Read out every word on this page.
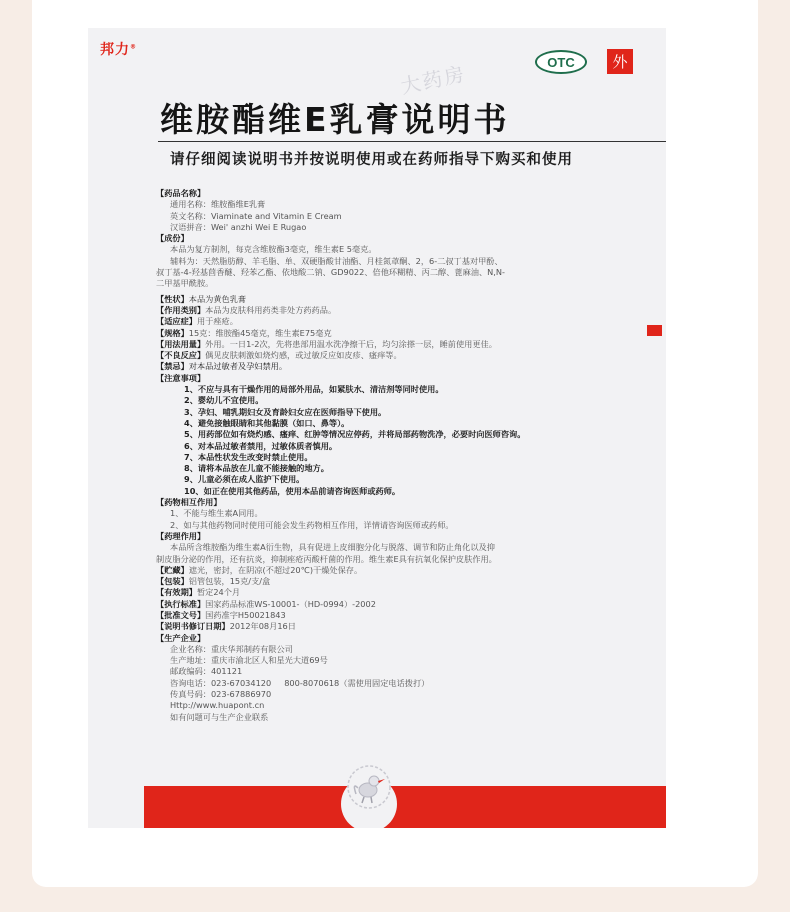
邦力®
OTC	外
大药房
维胺酯维E乳膏说明书
请仔细阅读说明书并按说明使用或在药师指导下购买和使用
【药品名称】
通用名称：维胺酯维E乳膏
英文名称：Viaminate and Vitamin E Cream
汉语拼音：Wei' anzhi Wei E Rugao
【成份】
本品为复方制剂，每克含维胺酯3毫克，维生素E 5毫克。
辅料为：天然脂肪醇、羊毛脂、单、双硬脂酸甘油酯、月桂氮䓬酮、2，6-二叔丁基对甲酚、
叔丁基-4-羟基茴香醚、羟苯乙酯、依地酸二钠、GD9022、倍他环糊精、丙二醇、蓖麻油、N,N-
二甲基甲酰胺。
【性状】本品为黄色乳膏
【作用类别】本品为皮肤科用药类非处方药药品。
【适应症】用于痤疮。
【规格】15克：维胺酯45毫克，维生素E75毫克
【用法用量】外用。一日1-2次，先将患部用温水洗净擦干后，均匀涂搽一层，睡前使用更佳。
【不良反应】偶见皮肤刺激如烧灼感，或过敏反应如皮疹、瘙痒等。
【禁忌】对本品过敏者及孕妇禁用。
【注意事项】
1、不应与具有干燥作用的局部外用品，如紧肤水、清洁剂等同时使用。
2、婴幼儿不宜使用。
3、孕妇、哺乳期妇女及育龄妇女应在医师指导下使用。
4、避免接触眼睛和其他黏膜（如口、鼻等）。
5、用药部位如有烧灼感、瘙痒、红肿等情况应停药，并将局部药物洗净，必要时向医师咨询。
6、对本品过敏者禁用，过敏体质者慎用。
7、本品性状发生改变时禁止使用。
8、请将本品放在儿童不能接触的地方。
9、儿童必须在成人监护下使用。
10、如正在使用其他药品，使用本品前请咨询医师或药师。
【药物相互作用】
1、不能与维生素A同用。
2、如与其他药物同时使用可能会发生药物相互作用，详情请咨询医师或药师。
【药理作用】
本品所含维胺酯为维生素A衍生物，具有促进上皮细胞分化与脱落、调节和防止角化以及抑
制皮脂分泌的作用，还有抗炎，抑制痤疮丙酸杆菌的作用。维生素E具有抗氧化保护皮肤作用。
【贮藏】遮光，密封，在阴凉(不超过20℃)干燥处保存。
【包装】铝管包装，15克/支/盒
【有效期】暂定24个月
【执行标准】国家药品标准WS-10001-（HD-0994）-2002
【批准文号】国药准字H50021843
【说明书修订日期】2012年08月16日
【生产企业】
企业名称：重庆华邦制药有限公司
生产地址：重庆市渝北区人和星光大道69号
邮政编码：401121
咨询电话：023-67034120 800-8070618（需使用固定电话拨打）
传真号码：023-67886970
Http://www.huapont.cn
如有问题可与生产企业联系
